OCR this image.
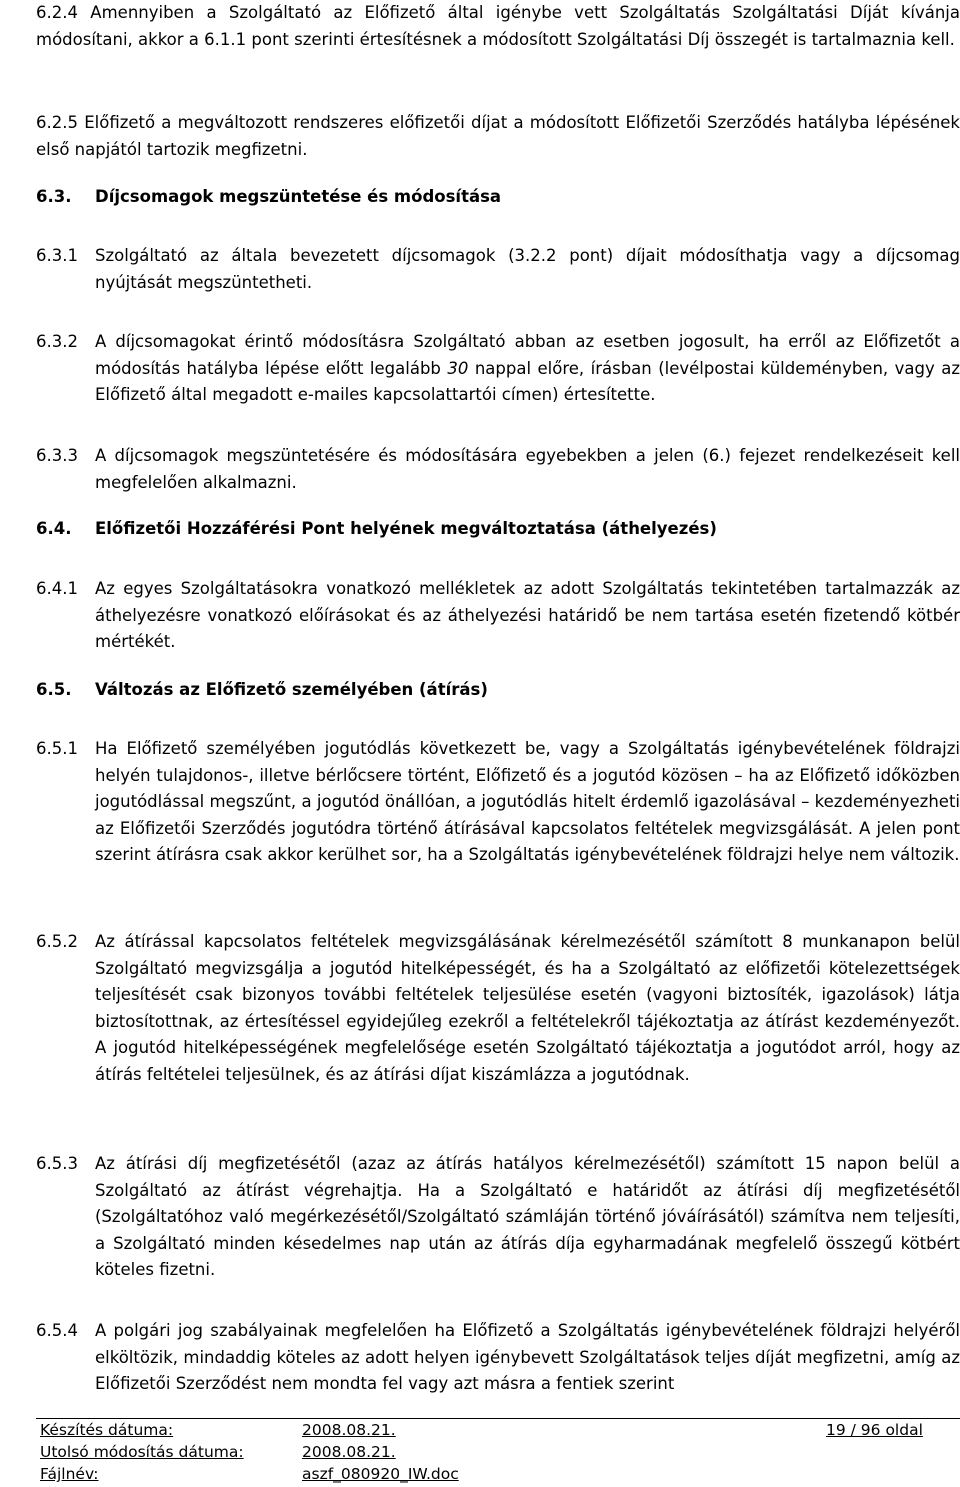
6.2.4 Amennyiben a Szolgáltató az Előfizető által igénybe vett Szolgáltatás Szolgáltatási Díját kívánja módosítani, akkor a 6.1.1 pont szerinti értesítésnek a módosított Szolgáltatási Díj összegét is tartalmaznia kell.
6.2.5 Előfizető a megváltozott rendszeres előfizetői díjat a módosított Előfizetői Szerződés hatályba lépésének első napjától tartozik megfizetni.
6.3.	Díjcsomagok megszüntetése és módosítása
6.3.1	Szolgáltató az általa bevezetett díjcsomagok (3.2.2 pont) díjait módosíthatja vagy a díjcsomag nyújtását megszüntetheti.
6.3.2	A díjcsomagokat érintő módosításra Szolgáltató abban az esetben jogosult, ha erről az Előfizetőt a módosítás hatályba lépése előtt legalább 30 nappal előre, írásban (levélpostai küldeményben, vagy az Előfizető által megadott e-mailes kapcsolattartói címen) értesítette.
6.3.3	A díjcsomagok megszüntetésére és módosítására egyebekben a jelen (6.) fejezet rendelkezéseit kell megfelelően alkalmazni.
6.4.	Előfizetői Hozzáférési Pont helyének megváltoztatása (áthelyezés)
6.4.1	Az egyes Szolgáltatásokra vonatkozó mellékletek az adott Szolgáltatás tekintetében tartalmazzák az áthelyezésre vonatkozó előírásokat és az áthelyezési határidő be nem tartása esetén fizetendő kötbér mértékét.
6.5.	Változás az Előfizető személyében (átírás)
6.5.1	Ha Előfizető személyében jogutódlás következett be, vagy a Szolgáltatás igénybevételének földrajzi helyén tulajdonos-, illetve bérlőcsere történt, Előfizető és a jogutód közösen – ha az Előfizető időközben jogutódlással megszűnt, a jogutód önállóan, a jogutódlás hitelt érdemlő igazolásával – kezdeményezheti az Előfizetői Szerződés jogutódra történő átírásával kapcsolatos feltételek megvizsgálását. A jelen pont szerint átírásra csak akkor kerülhet sor, ha a Szolgáltatás igénybevételének földrajzi helye nem változik.
6.5.2	Az átírással kapcsolatos feltételek megvizsgálásának kérelmezésétől számított 8 munkanapon belül Szolgáltató megvizsgálja a jogutód hitelképességét, és ha a Szolgáltató az előfizetői kötelezettségek teljesítését csak bizonyos további feltételek teljesülése esetén (vagyoni biztosíték, igazolások) látja biztosítottnak, az értesítéssel egyidejűleg ezekről a feltételekről tájékoztatja az átírást kezdeményezőt. A jogutód hitelképességének megfelelősége esetén Szolgáltató tájékoztatja a jogutódot arról, hogy az átírás feltételei teljesülnek, és az átírási díjat kiszámlázza a jogutódnak.
6.5.3	Az átírási díj megfizetésétől (azaz az átírás hatályos kérelmezésétől) számított 15 napon belül a Szolgáltató az átírást végrehajtja. Ha a Szolgáltató e határidőt az átírási díj megfizetésétől (Szolgáltatóhoz való megérkezésétől/Szolgáltató számláján történő jóváírásától) számítva nem teljesíti, a Szolgáltató minden késedelmes nap után az átírás díja egyharmadának megfelelő összegű kötbért köteles fizetni.
6.5.4	A polgári jog szabályainak megfelelően ha Előfizető a Szolgáltatás igénybevételének földrajzi helyéről elköltözik, mindaddig köteles az adott helyen igénybevett Szolgáltatások teljes díját megfizetni, amíg az Előfizetői Szerződést nem mondta fel vagy azt másra a fentiek szerint
Készítés dátuma:	2008.08.21.	19 / 96 oldal
Utolsó módosítás dátuma:	2008.08.21.
Fájlnév:	aszf_080920_IW.doc
